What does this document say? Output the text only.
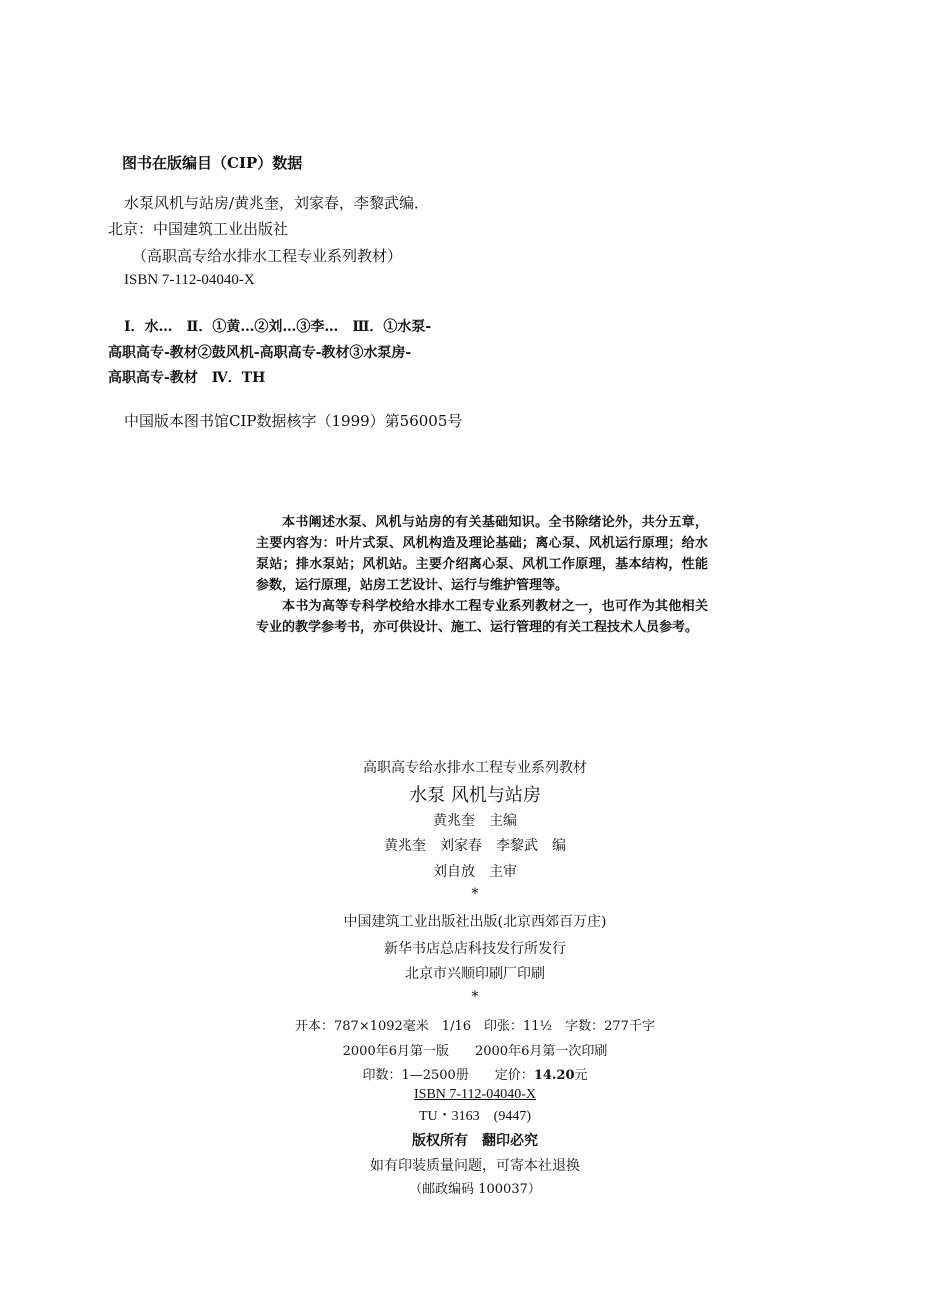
图书在版编目（CIP）数据
水泵风机与站房/黄兆奎，刘家春，李黎武编．
北京：中国建筑工业出版社
（高职高专给水排水工程专业系列教材）
ISBN 7-112-04040-X
Ⅰ．水…　Ⅱ．①黄…②刘…③李…　Ⅲ．①水泵-
高职高专-教材②鼓风机-高职高专-教材③水泵房-
高职高专-教材　Ⅳ．TH
中国版本图书馆CIP数据核字（1999）第56005号

本书阐述水泵、风机与站房的有关基础知识。全书除绪论外，共分五章，主要内容为：叶片式泵、风机构造及理论基础；离心泵、风机运行原理；给水泵站；排水泵站；风机站。主要介绍离心泵、风机工作原理，基本结构，性能参数，运行原理，站房工艺设计、运行与维护管理等。

本书为高等专科学校给水排水工程专业系列教材之一，也可作为其他相关专业的教学参考书，亦可供设计、施工、运行管理的有关工程技术人员参考。

高职高专给水排水工程专业系列教材
水泵 风机与站房
黄兆奎　主编
黄兆奎　刘家春　李黎武　编
刘自放　主审
*
中国建筑工业出版社出版(北京西郊百万庄)
新华书店总店科技发行所发行
北京市兴顺印刷厂印刷
*
开本：787×1092毫米　1/16　印张：11½　字数：277千字
2000年6月第一版　　2000年6月第一次印刷
印数：1—2500册　　定价：14.20元
ISBN 7-112-04040-X
TU・3163　(9447)
版权所有　翻印必究
如有印装质量问题，可寄本社退换
（邮政编码 100037）
